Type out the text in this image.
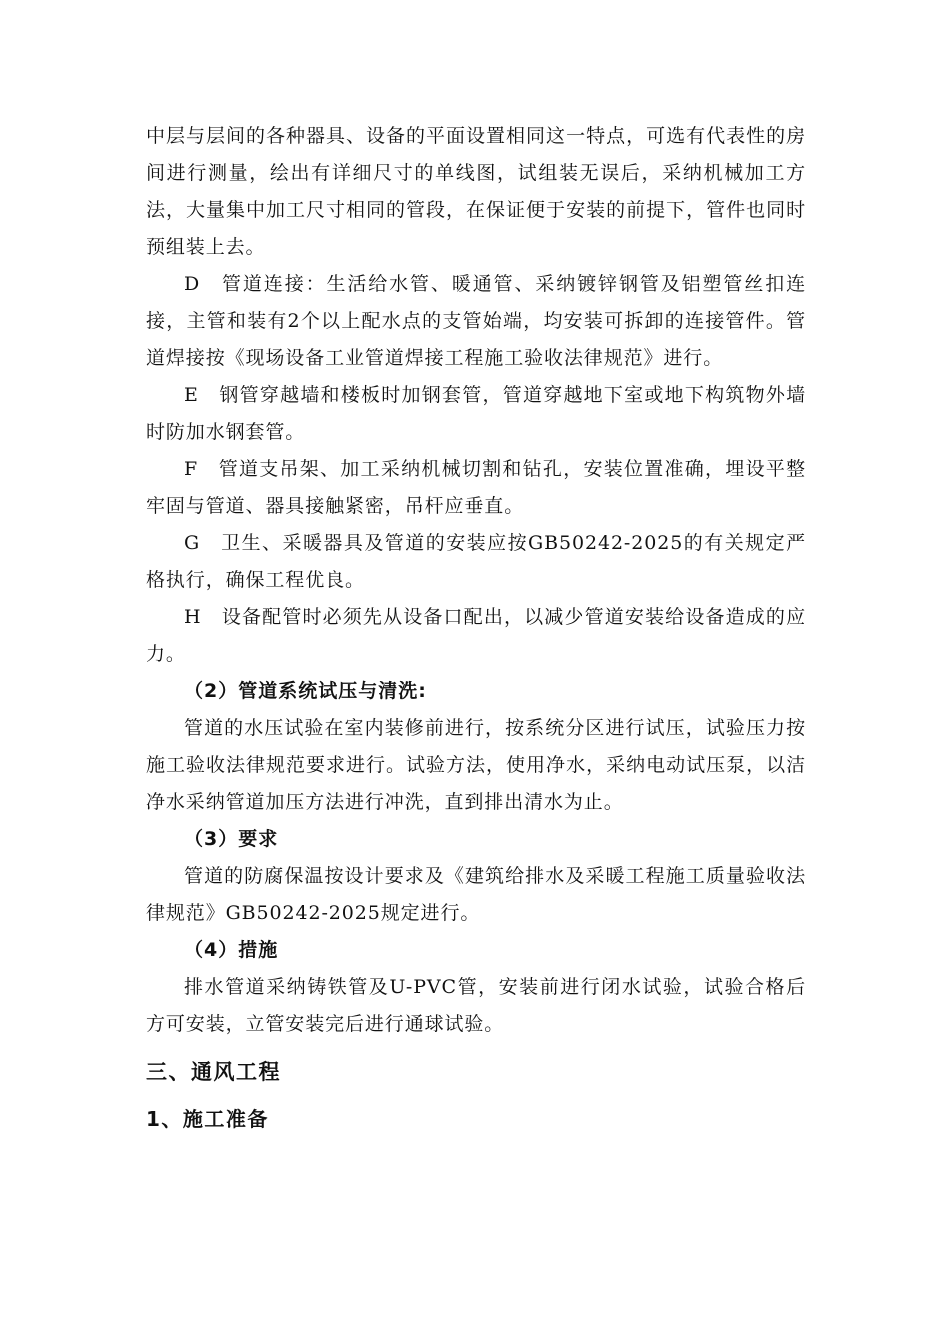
中层与层间的各种器具、设备的平面设置相同这一特点，可选有代表性的房间进行测量，绘出有详细尺寸的单线图，试组装无误后，采纳机械加工方法，大量集中加工尺寸相同的管段，在保证便于安装的前提下，管件也同时预组装上去。

D　管道连接：生活给水管、暖通管、采纳镀锌钢管及铝塑管丝扣连接，主管和装有2个以上配水点的支管始端，均安装可拆卸的连接管件。管道焊接按《现场设备工业管道焊接工程施工验收法律规范》进行。

E　钢管穿越墙和楼板时加钢套管，管道穿越地下室或地下构筑物外墙时防加水钢套管。

F　管道支吊架、加工采纳机械切割和钻孔，安装位置准确，埋设平整牢固与管道、器具接触紧密，吊杆应垂直。

G　卫生、采暖器具及管道的安装应按GB50242-2025的有关规定严格执行，确保工程优良。

H　设备配管时必须先从设备口配出，以减少管道安装给设备造成的应力。

（2）管道系统试压与清洗:

管道的水压试验在室内装修前进行，按系统分区进行试压，试验压力按施工验收法律规范要求进行。试验方法，使用净水，采纳电动试压泵，以洁净水采纳管道加压方法进行冲洗，直到排出清水为止。

（3）要求

管道的防腐保温按设计要求及《建筑给排水及采暖工程施工质量验收法律规范》GB50242-2025规定进行。

（4）措施

排水管道采纳铸铁管及U-PVC管，安装前进行闭水试验，试验合格后方可安装，立管安装完后进行通球试验。

三、通风工程

1、施工准备
